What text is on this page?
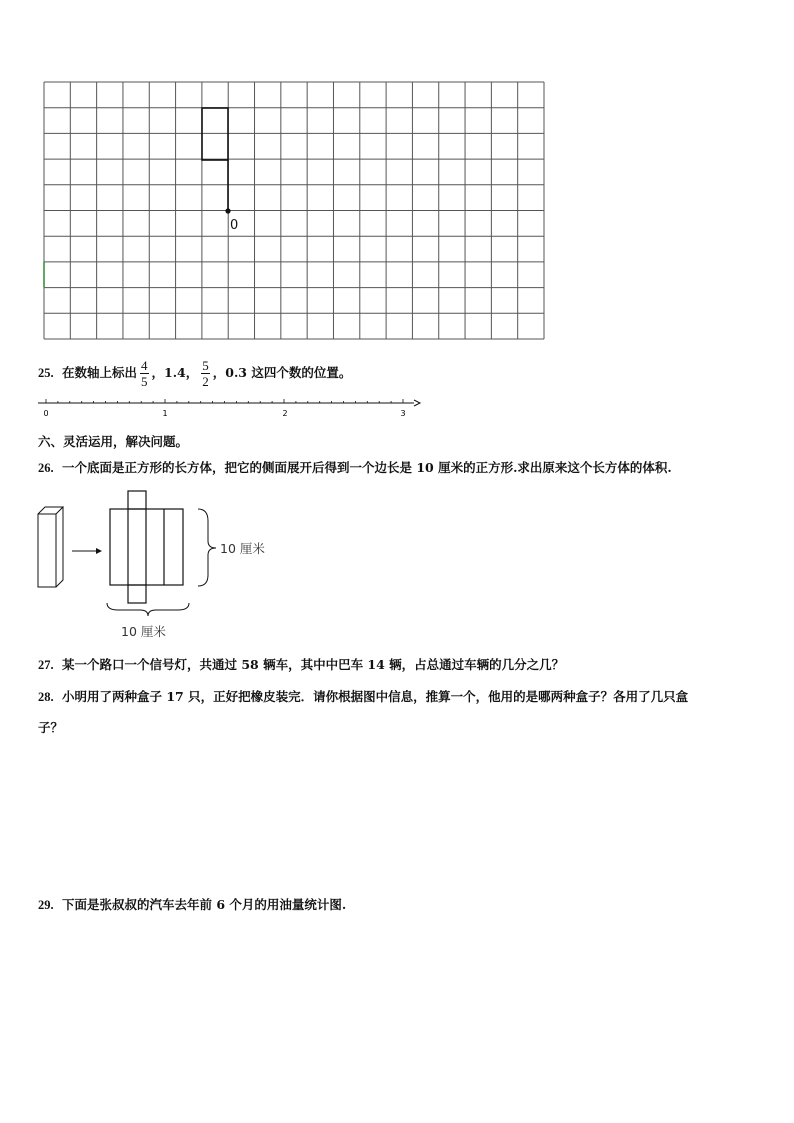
0
25. 在数轴上标出 $\frac{4}{5}$ ，1.4， $\frac{5}{2}$ ，0.3 这四个数的位置。
0	1	2	3
六、灵活运用，解决问题。
26. 一个底面是正方形的长方体，把它的侧面展开后得到一个边长是 10 厘米的正方形.求出原来这个长方体的体积.
10 厘米
10 厘米
27. 某一个路口一个信号灯，共通过 58 辆车，其中中巴车 14 辆，占总通过车辆的几分之几？
28. 小明用了两种盒子 17 只，正好把橡皮装完．请你根据图中信息，推算一个，他用的是哪两种盒子？各用了几只盒
子？
29. 下面是张叔叔的汽车去年前 6 个月的用油量统计图.
